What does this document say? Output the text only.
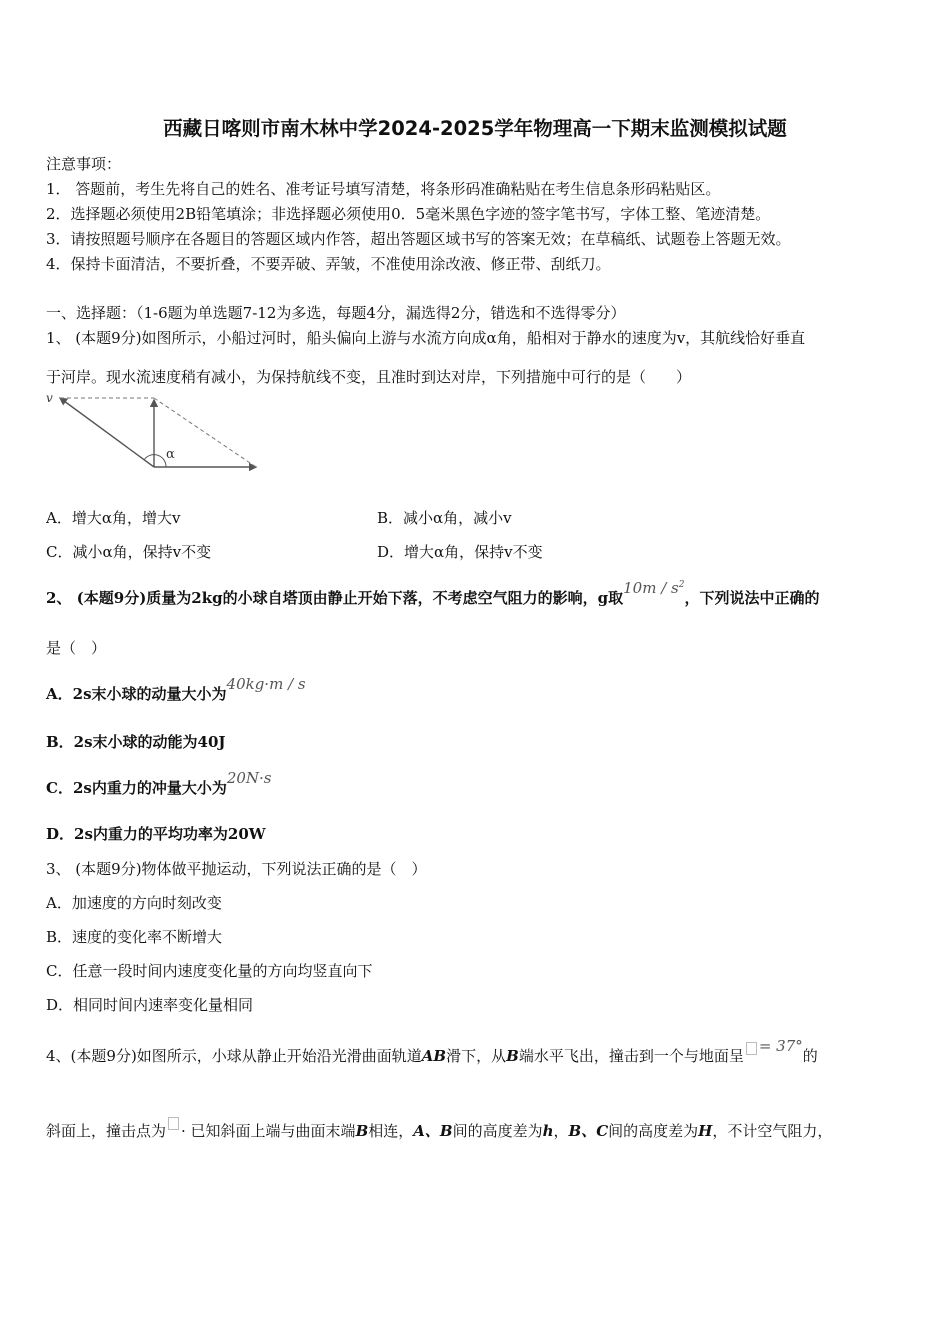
西藏日喀则市南木林中学2024-2025学年物理高一下期末监测模拟试题
注意事项：
1． 答题前，考生先将自己的姓名、准考证号填写清楚，将条形码准确粘贴在考生信息条形码粘贴区。
2．选择题必须使用2B铅笔填涂；非选择题必须使用0．5毫米黑色字迹的签字笔书写，字体工整、笔迹清楚。
3．请按照题号顺序在各题目的答题区域内作答，超出答题区域书写的答案无效；在草稿纸、试题卷上答题无效。
4．保持卡面清洁，不要折叠，不要弄破、弄皱，不准使用涂改液、修正带、刮纸刀。
一、选择题：（1-6题为单选题7-12为多选，每题4分，漏选得2分，错选和不选得零分）
1、 (本题9分)如图所示，小船过河时，船头偏向上游与水流方向成α角，船相对于静水的速度为v，其航线恰好垂直
于河岸。现水流速度稍有减小，为保持航线不变，且准时到达对岸，下列措施中可行的是（　　）
v
α
A．增大α角，增大v	B．减小α角，减小v
C．减小α角，保持v不变	D．增大α角，保持v不变
2、 (本题9分)质量为2kg的小球自塔顶由静止开始下落，不考虑空气阻力的影响，g取$10m / s^2$，下列说法中正确的
是（　）
A．2s末小球的动量大小为40kg·m / s
B．2s末小球的动能为40J
C．2s内重力的冲量大小为20N·s
D．2s内重力的平均功率为20W
3、 (本题9分)物体做平抛运动，下列说法正确的是（　）
A．加速度的方向时刻改变
B．速度的变化率不断增大
C．任意一段时间内速度变化量的方向均竖直向下
D．相同时间内速率变化量相同
4、(本题9分)如图所示，小球从静止开始沿光滑曲面轨道AB滑下，从B端水平飞出，撞击到一个与地面呈= 37°的
斜面上，撞击点为 · 已知斜面上端与曲面末端B相连，A、B间的高度差为h，B、C间的高度差为H，不计空气阻力，
